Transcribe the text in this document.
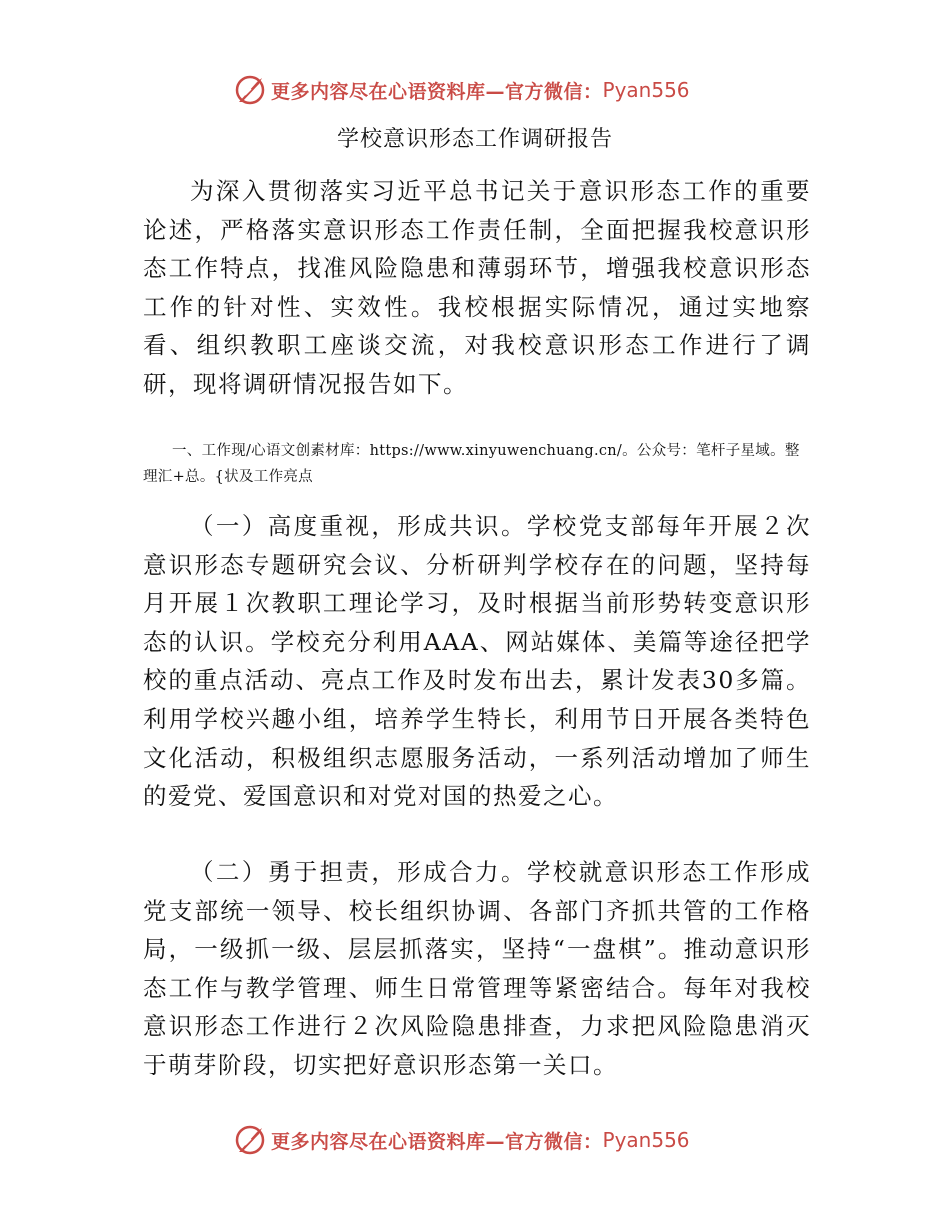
更多内容尽在心语资料库—官方微信： Pyan556
学校意识形态工作调研报告

为深入贯彻落实习近平总书记关于意识形态工作的重要论述，严格落实意识形态工作责任制，全面把握我校意识形态工作特点，找准风险隐患和薄弱环节，增强我校意识形态工作的针对性、实效性。我校根据实际情况，通过实地察看、组织教职工座谈交流，对我校意识形态工作进行了调研，现将调研情况报告如下。

一、工作现/心语文创素材库：https://www.xinyuwenchuang.cn/。公众号：笔杆子星域。整理汇+总。{状及工作亮点

（一）高度重视，形成共识。学校党支部每年开展２次意识形态专题研究会议、分析研判学校存在的问题，坚持每月开展１次教职工理论学习，及时根据当前形势转变意识形态的认识。学校充分利用AAA、网站媒体、美篇等途径把学校的重点活动、亮点工作及时发布出去，累计发表30多篇。利用学校兴趣小组，培养学生特长，利用节日开展各类特色文化活动，积极组织志愿服务活动，一系列活动增加了师生的爱党、爱国意识和对党对国的热爱之心。

（二）勇于担责，形成合力。学校就意识形态工作形成党支部统一领导、校长组织协调、各部门齐抓共管的工作格局，一级抓一级、层层抓落实，坚持“一盘棋”。推动意识形态工作与教学管理、师生日常管理等紧密结合。每年对我校意识形态工作进行２次风险隐患排查，力求把风险隐患消灭于萌芽阶段，切实把好意识形态第一关口。

更多内容尽在心语资料库—官方微信： Pyan556
